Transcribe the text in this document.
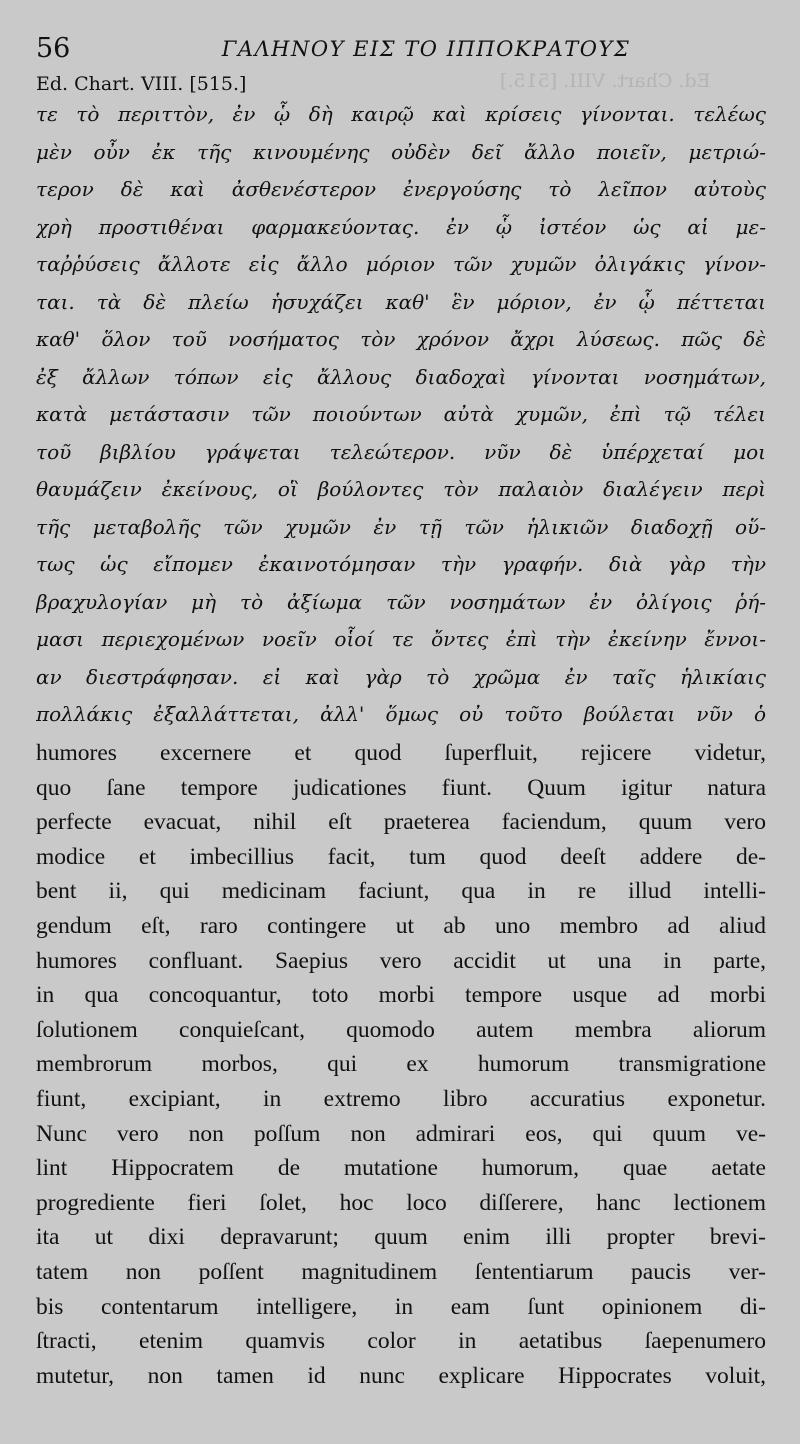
56	ΓΑΛΗΝΟΥ ΕΙΣ ΤΟ ΙΠΠΟΚΡΑΤΟΥΣ
Ed. Chart. VIII. [515.]	Ed. Chart. VIII. [515.]
τε τὸ περιττὸν, ἐν ᾧ δὴ καιρῷ καὶ κρίσεις γίνονται. τελέως
μὲν οὖν ἐκ τῆς κινουμένης οὐδὲν δεῖ ἄλλο ποιεῖν, μετριώ-
τερον δὲ καὶ ἀσθενέστερον ἐνεργούσης τὸ λεῖπον αὐτοὺς
χρὴ προστιθέναι φαρμακεύοντας. ἐν ᾧ ἰστέον ὡς αἱ με-
ταῤῥύσεις ἄλλοτε εἰς ἄλλο μόριον τῶν χυμῶν ὀλιγάκις γίνον-
ται. τὰ δὲ πλείω ἡσυχάζει καθ' ἓν μόριον, ἐν ᾧ πέττεται
καθ' ὅλον τοῦ νοσήματος τὸν χρόνον ἄχρι λύσεως. πῶς δὲ
ἐξ ἄλλων τόπων εἰς ἄλλους διαδοχαὶ γίνονται νοσημάτων,
κατὰ μετάστασιν τῶν ποιούντων αὐτὰ χυμῶν, ἐπὶ τῷ τέλει
τοῦ βιβλίου γράψεται τελεώτερον. νῦν δὲ ὑπέρχεταί μοι
θαυμάζειν ἐκείνους, οἳ βούλοντες τὸν παλαιὸν διαλέγειν περὶ
τῆς μεταβολῆς τῶν χυμῶν ἐν τῇ τῶν ἡλικιῶν διαδοχῇ οὕ-
τως ὡς εἴπομεν ἐκαινοτόμησαν τὴν γραφήν. διὰ γὰρ τὴν
βραχυλογίαν μὴ τὸ ἀξίωμα τῶν νοσημάτων ἐν ὀλίγοις ῥή-
μασι περιεχομένων νοεῖν οἷοί τε ὄντες ἐπὶ τὴν ἐκείνην ἔννοι-
αν διεστράφησαν. εἰ καὶ γὰρ τὸ χρῶμα ἐν ταῖς ἡλικίαις
πολλάκις ἐξαλλάττεται, ἀλλ' ὅμως οὐ τοῦτο βούλεται νῦν ὁ
humores excernere et quod ſuperfluit, rejicere videtur,
quo ſane tempore judicationes fiunt. Quum igitur natura
perfecte evacuat, nihil eſt praeterea faciendum, quum vero
modice et imbecillius facit, tum quod deeſt addere de-
bent ii, qui medicinam faciunt, qua in re illud intelli-
gendum eſt, raro contingere ut ab uno membro ad aliud
humores confluant. Saepius vero accidit ut una in parte,
in qua concoquantur, toto morbi tempore usque ad morbi
ſolutionem conquieſcant, quomodo autem membra aliorum
membrorum morbos, qui ex humorum transmigratione
fiunt, excipiant, in extremo libro accuratius exponetur.
Nunc vero non poſſum non admirari eos, qui quum ve-
lint Hippocratem de mutatione humorum, quae aetate
progrediente fieri ſolet, hoc loco diſſerere, hanc lectionem
ita ut dixi depravarunt; quum enim illi propter brevi-
tatem non poſſent magnitudinem ſententiarum paucis ver-
bis contentarum intelligere, in eam ſunt opinionem di-
ſtracti, etenim quamvis color in aetatibus ſaepenumero
mutetur, non tamen id nunc explicare Hippocrates voluit,
